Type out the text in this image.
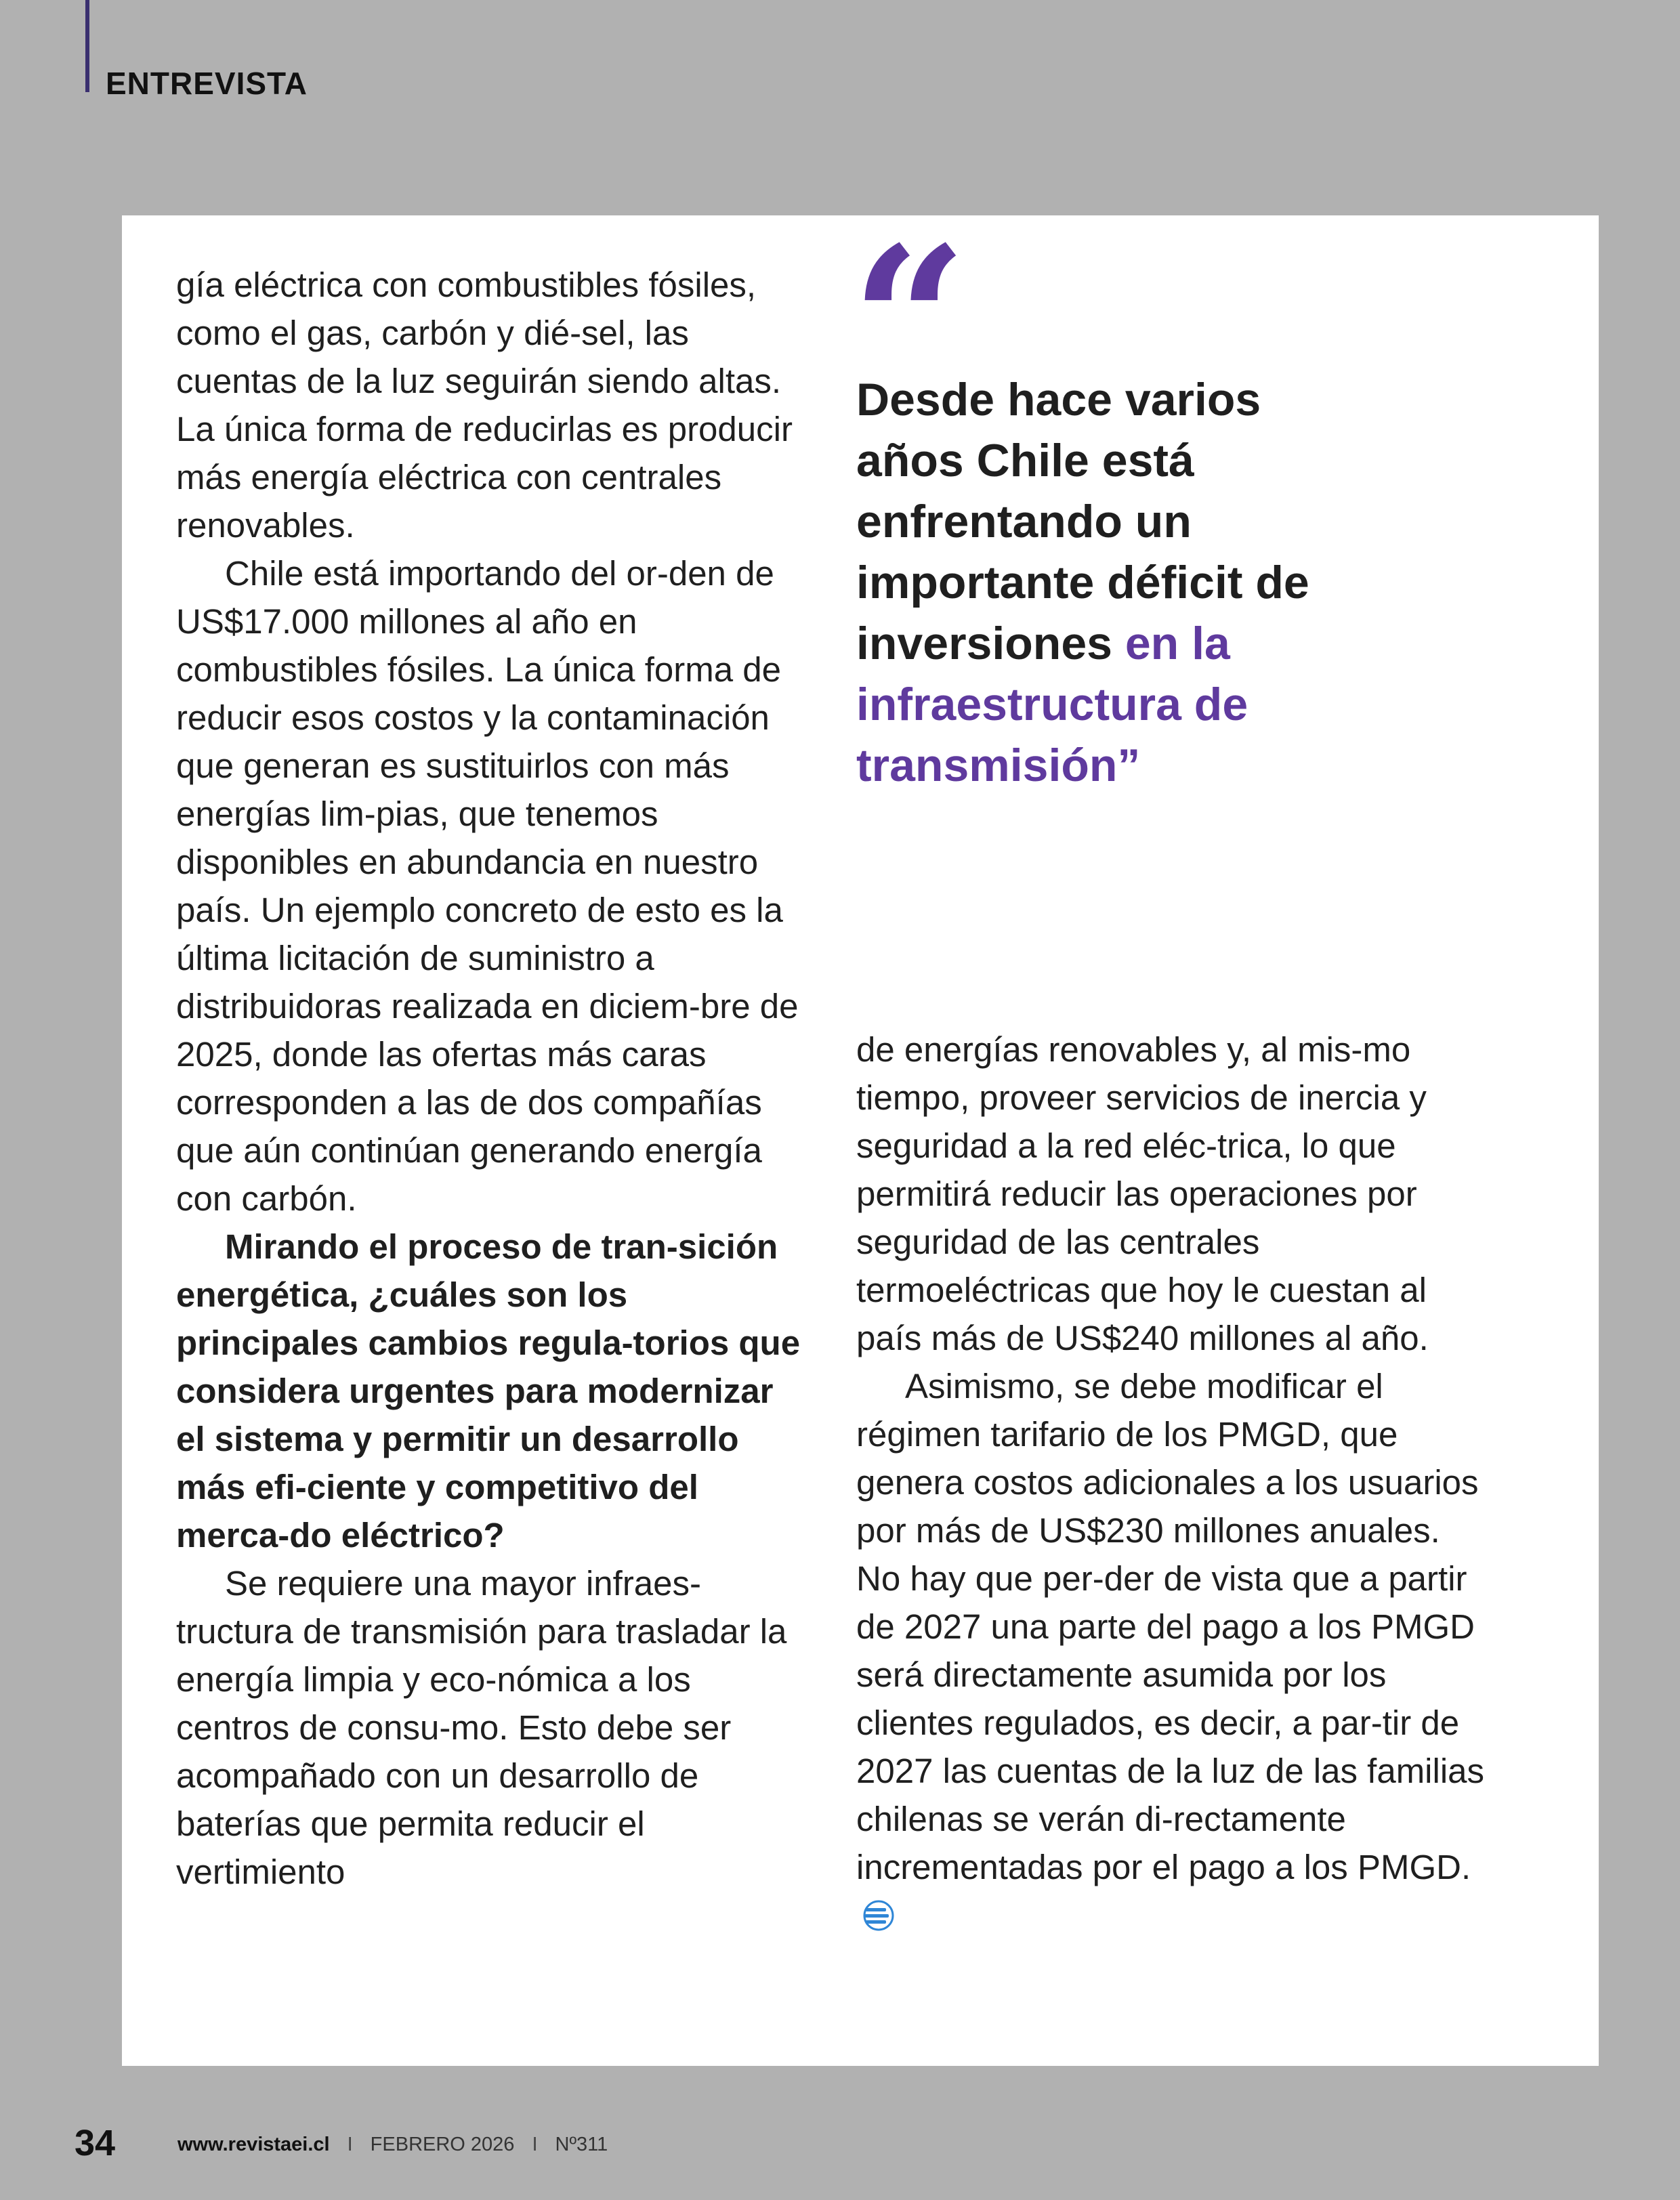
ENTREVISTA

gía eléctrica con combustibles fósiles, como el gas, carbón y dié-sel, las cuentas de la luz seguirán siendo altas. La única forma de reducirlas es producir más energía eléctrica con centrales renovables.

Chile está importando del or-den de US$17.000 millones al año en combustibles fósiles. La única forma de reducir esos costos y la contaminación que generan es sustituirlos con más energías lim-pias, que tenemos disponibles en abundancia en nuestro país. Un ejemplo concreto de esto es la última licitación de suministro a distribuidoras realizada en diciem-bre de 2025, donde las ofertas más caras corresponden a las de dos compañías que aún continúan generando energía con carbón.

Mirando el proceso de tran-sición energética, ¿cuáles son los principales cambios regula-torios que considera urgentes para modernizar el sistema y permitir un desarrollo más efi-ciente y competitivo del merca-do eléctrico?

Se requiere una mayor infraes-tructura de transmisión para trasladar la energía limpia y eco-nómica a los centros de consu-mo. Esto debe ser acompañado con un desarrollo de baterías que permita reducir el vertimiento

“

Desde hace varios años Chile está enfrentando un importante déficit de inversiones en la infraestructura de transmisión”

de energías renovables y, al mis-mo tiempo, proveer servicios de inercia y seguridad a la red eléc-trica, lo que permitirá reducir las operaciones por seguridad de las centrales termoeléctricas que hoy le cuestan al país más de US$240 millones al año.

Asimismo, se debe modificar el régimen tarifario de los PMGD, que genera costos adicionales a los usuarios por más de US$230 millones anuales. No hay que per-der de vista que a partir de 2027 una parte del pago a los PMGD será directamente asumida por los clientes regulados, es decir, a par-tir de 2027 las cuentas de la luz de las familias chilenas se verán di-rectamente incrementadas por el pago a los PMGD.

34	www.revistaei.cl I FEBRERO 2026 I Nº311
